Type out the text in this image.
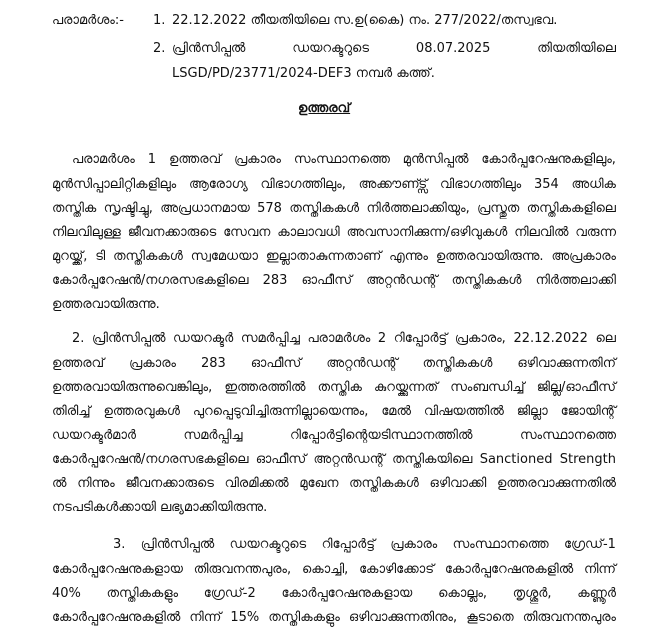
പരാമർശം:- 1. 22.12.2022 തീയതിയിലെ സ.ഉ(കൈ) നം. 277/2022/തസ്വഭവ.
2. പ്രിൻസിപ്പൽ	ഡയറക്ടറുടെ	08.07.2025	തിയതിയിലെ
LSGD/PD/23771/2024-DEF3 നമ്പർ കത്ത്.
ഉത്തരവ്
പരാമർശം 1 ഉത്തരവ് പ്രകാരം സംസ്ഥാനത്തെ മുൻസിപ്പൽ കോർപ്പറേഷനുകളിലും,
മുൻസിപ്പാലിറ്റികളിലും ആരോഗ്യ വിഭാഗത്തിലും, അക്കൗണ്ട്സ് വിഭാഗത്തിലും 354 അധിക
തസ്തിക സൃഷ്ടിച്ചു, അപ്രധാനമായ 578 തസ്തികകൾ നിർത്തലാക്കിയും, പ്രസ്തുത തസ്തികകളിലെ
നിലവിലുള്ള ജീവനക്കാരുടെ സേവന കാലാവധി അവസാനിക്കുന്ന/ഒഴിവുകൾ നിലവിൽ വരുന്ന
മുറയ്ക്ക്, ടി തസ്തികകൾ സ്വമേധയാ ഇല്ലാതാകുന്നതാണ് എന്നും ഉത്തരവായിരുന്നു. അപ്രകാരം
കോർപ്പറേഷൻ/നഗരസഭകളിലെ 283 ഓഫീസ് അറ്റൻഡന്റ് തസ്തികകൾ നിർത്തലാക്കി
ഉത്തരവായിരുന്നു.
2. പ്രിൻസിപ്പൽ ഡയറക്ടർ സമർപ്പിച്ച പരാമർശം 2 റിപ്പോർട്ട് പ്രകാരം, 22.12.2022 ലെ
ഉത്തരവ് പ്രകാരം 283 ഓഫീസ് അറ്റൻഡന്റ് തസ്തികകൾ ഒഴിവാക്കുന്നതിന്
ഉത്തരവായിരുന്നുവെങ്കിലും, ഇത്തരത്തിൽ തസ്തിക കുറയ്ക്കുന്നത് സംബന്ധിച്ച് ജില്ല/ഓഫീസ്
തിരിച്ച് ഉത്തരവുകൾ പുറപ്പെടുവിച്ചിരുന്നില്ലായെന്നും, മേൽ വിഷയത്തിൽ ജില്ലാ ജോയിന്റ്
ഡയറക്ടർമാർ	സമർപ്പിച്ച	റിപ്പോർട്ടിന്റെയടിസ്ഥാനത്തിൽ	സംസ്ഥാനത്തെ
കോർപ്പറേഷൻ/നഗരസഭകളിലെ ഓഫീസ് അറ്റൻഡന്റ് തസ്തികയിലെ Sanctioned Strength
ൽ നിന്നും ജീവനക്കാരുടെ വിരമിക്കൽ മുഖേന തസ്തികകൾ ഒഴിവാക്കി ഉത്തരവാക്കുന്നതിൽ
നടപടികൾക്കായി ലഭ്യമാക്കിയിരുന്നു.
3. പ്രിൻസിപ്പൽ ഡയറക്ടറുടെ റിപ്പോർട്ട് പ്രകാരം സംസ്ഥാനത്തെ ഗ്രേഡ്-1
കോർപ്പറേഷനുകളായ തിരുവനന്തപുരം, കൊച്ചി, കോഴിക്കോട് കോർപ്പറേഷനുകളിൽ നിന്ന്
40% തസ്തികകളും ഗ്രേഡ്-2 കോർപ്പറേഷനുകളായ കൊല്ലം, തൃശ്ശൂർ, കണ്ണൂർ
കോർപ്പറേഷനുകളിൽ നിന്ന് 15% തസ്തികകളും ഒഴിവാക്കുന്നതിനും, കൂടാതെ തിരുവനന്തപുരം
